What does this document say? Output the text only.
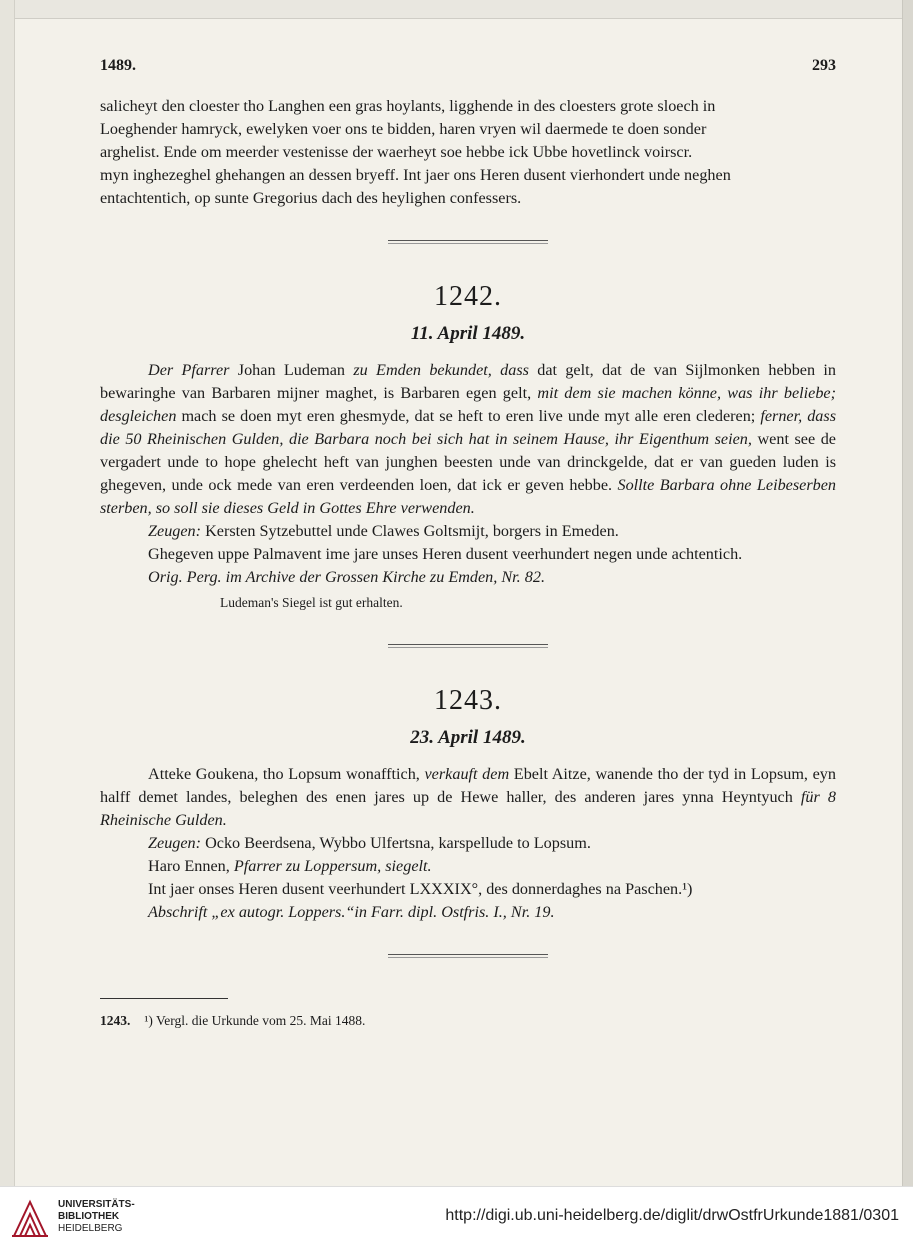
1489.	293

salicheyt den cloester tho Langhen een gras hoylants, ligghende in des cloesters grote sloech in
Loeghender hamryck, ewelyken voer ons te bidden, haren vryen wil daermede te doen sonder
arghelist. Ende om meerder vestenisse der waerheyt soe hebbe ick Ubbe hovetlinck voirscr.
myn inghezeghel ghehangen an dessen bryeff. Int jaer ons Heren dusent vierhondert unde neghen
entachtentich, op sunte Gregorius dach des heylighen confessers.

1242.
11. April 1489.

Der Pfarrer Johan Ludeman zu Emden bekundet, dass dat gelt, dat de van Sijlmonken hebben in bewaringhe van Barbaren mijner maghet, is Barbaren egen gelt, mit dem sie machen könne, was ihr beliebe; desgleichen mach se doen myt eren ghesmyde, dat se heft to eren live unde myt alle eren clederen; ferner, dass die 50 Rheinischen Gulden, die Barbara noch bei sich hat in seinem Hause, ihr Eigenthum seien, went see de vergadert unde to hope ghelecht heft van junghen beesten unde van drinckgelde, dat er van gueden luden is ghegeven, unde ock mede van eren verdeenden loen, dat ick er geven hebbe. Sollte Barbara ohne Leibeserben sterben, so soll sie dieses Geld in Gottes Ehre verwenden.

Zeugen: Kersten Sytzebuttel unde Clawes Goltsmijt, borgers in Emeden.

Ghegeven uppe Palmavent ime jare unses Heren dusent veerhundert negen unde achtentich.

Orig. Perg. im Archive der Grossen Kirche zu Emden, Nr. 82.

Ludeman's Siegel ist gut erhalten.

1243.
23. April 1489.

Atteke Goukena, tho Lopsum wonafftich, verkauft dem Ebelt Aitze, wanende tho der tyd in Lopsum, eyn halff demet landes, beleghen des enen jares up de Hewe haller, des anderen jares ynna Heyntyuch für 8 Rheinische Gulden.

Zeugen: Ocko Beerdsena, Wybbo Ulfertsna, karspellude to Lopsum.

Haro Ennen, Pfarrer zu Loppersum, siegelt.

Int jaer onses Heren dusent veerhundert LXXXIX°, des donnerdaghes na Paschen.¹)

Abschrift „ex autogr. Loppers.“in Farr. dipl. Ostfris. I., Nr. 19.

1243. ¹) Vergl. die Urkunde vom 25. Mai 1488.
UNIVERSITÄTS-
BIBLIOTHEK
HEIDELBERG
http://digi.ub.uni-heidelberg.de/diglit/drwOstfrUrkunde1881/0301
